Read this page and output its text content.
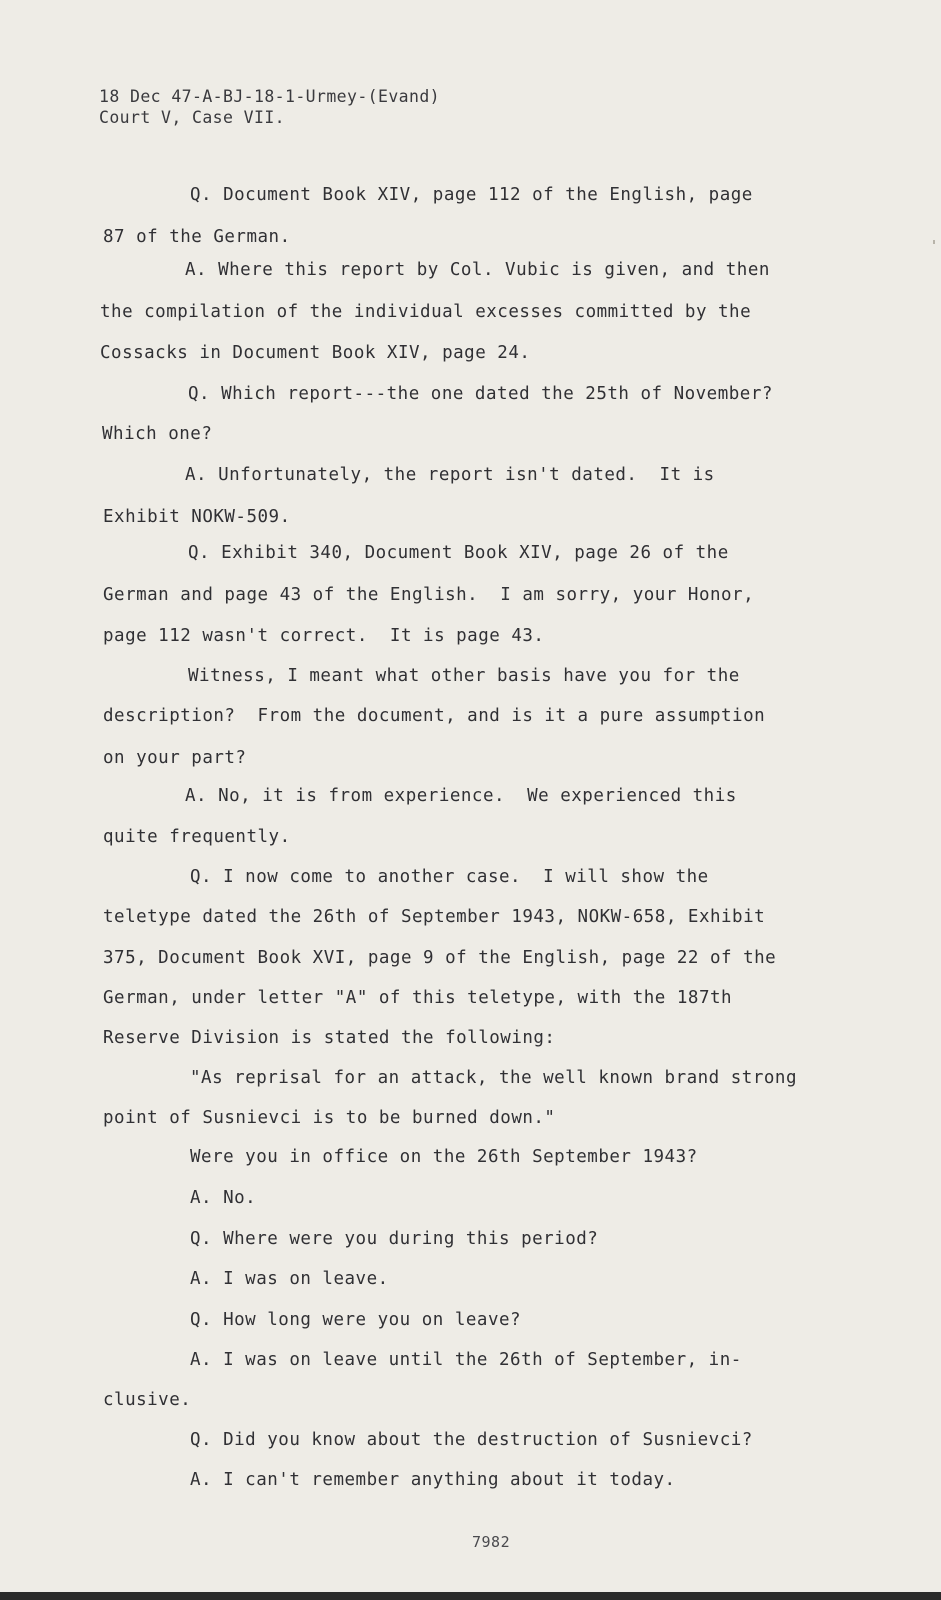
18 Dec 47-A-BJ-18-1-Urmey-(Evand)
Court V, Case VII.
Q. Document Book XIV, page 112 of the English, page
87 of the German.
A. Where this report by Col. Vubic is given, and then
the compilation of the individual excesses committed by the
Cossacks in Document Book XIV, page 24.
Q. Which report---the one dated the 25th of November?
Which one?
A. Unfortunately, the report isn't dated.  It is
Exhibit NOKW-509.
Q. Exhibit 340, Document Book XIV, page 26 of the
German and page 43 of the English.  I am sorry, your Honor,
page 112 wasn't correct.  It is page 43.
Witness, I meant what other basis have you for the
description?  From the document, and is it a pure assumption
on your part?
A. No, it is from experience.  We experienced this
quite frequently.
Q. I now come to another case.  I will show the
teletype dated the 26th of September 1943, NOKW-658, Exhibit
375, Document Book XVI, page 9 of the English, page 22 of the
German, under letter "A" of this teletype, with the 187th
Reserve Division is stated the following:
"As reprisal for an attack, the well known brand strong
point of Susnievci is to be burned down."
Were you in office on the 26th September 1943?
A. No.
Q. Where were you during this period?
A. I was on leave.
Q. How long were you on leave?
A. I was on leave until the 26th of September, in-
clusive.
Q. Did you know about the destruction of Susnievci?
A. I can't remember anything about it today.
7982
